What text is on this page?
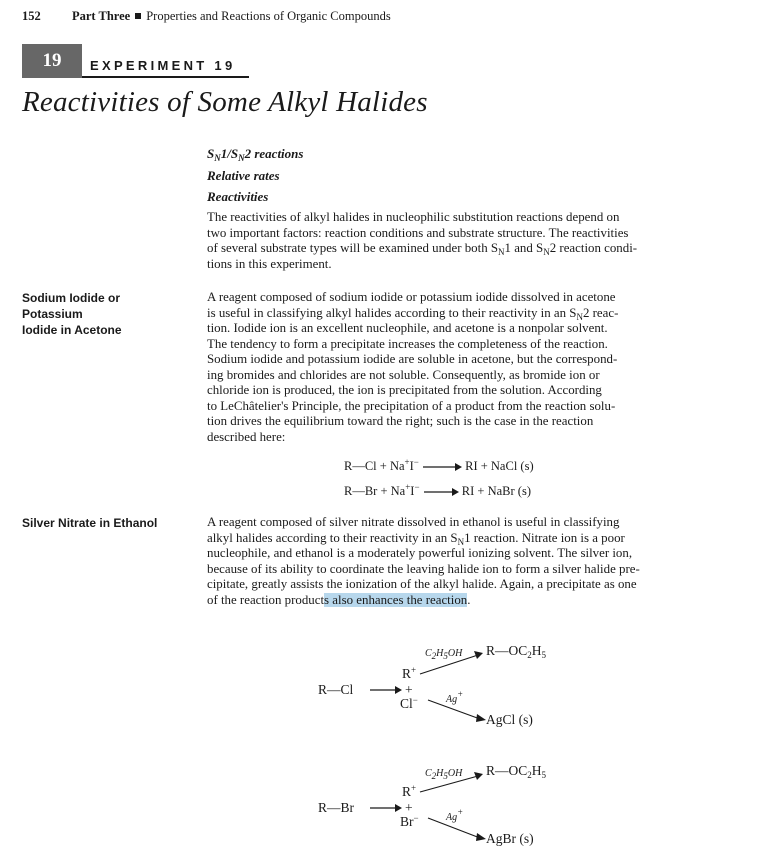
152	Part Three Properties and Reactions of Organic Compounds
19	EXPERIMENT 19
Reactivities of Some Alkyl Halides
$S_N1/S_N2$ reactions
Relative rates
Reactivities
The reactivities of alkyl halides in nucleophilic substitution reactions depend on
two important factors: reaction conditions and substrate structure. The reactivities
of several substrate types will be examined under both $S_N1$ and $S_N2$ reaction condi-
tions in this experiment.
Sodium Iodide or Potassium
Iodide in Acetone
A reagent composed of sodium iodide or potassium iodide dissolved in acetone
is useful in classifying alkyl halides according to their reactivity in an $S_N2$ reac-
tion. Iodide ion is an excellent nucleophile, and acetone is a nonpolar solvent.
The tendency to form a precipitate increases the completeness of the reaction.
Sodium iodide and potassium iodide are soluble in acetone, but the correspond-
ing bromides and chlorides are not soluble. Consequently, as bromide ion or
chloride ion is produced, the ion is precipitated from the solution. According
to LeChâtelier's Principle, the precipitation of a product from the reaction solu-
tion drives the equilibrium toward the right; such is the case in the reaction
described here:
R—Cl + Na+I− → RI + NaCl (s)
R—Br + Na+I− → RI + NaBr (s)
Silver Nitrate in Ethanol	A reagent composed of silver nitrate dissolved in ethanol is useful in classifying
alkyl halides according to their reactivity in an $S_N1$ reaction. Nitrate ion is a poor
nucleophile, and ethanol is a moderately powerful ionizing solvent. The silver ion,
because of its ability to coordinate the leaving halide ion to form a silver halide pre-
cipitate, greatly assists the ionization of the alkyl halide. Again, a precipitate as one
of the reaction products also enhances the reaction.
R—Cl
R+
+
Cl−
$C_2H_5OH$
Ag+
$R—OC_2H_5$
AgCl (s)
R—Br
R+
+
Br−
$C_2H_5OH$
Ag+
$R—OC_2H_5$
AgBr (s)
